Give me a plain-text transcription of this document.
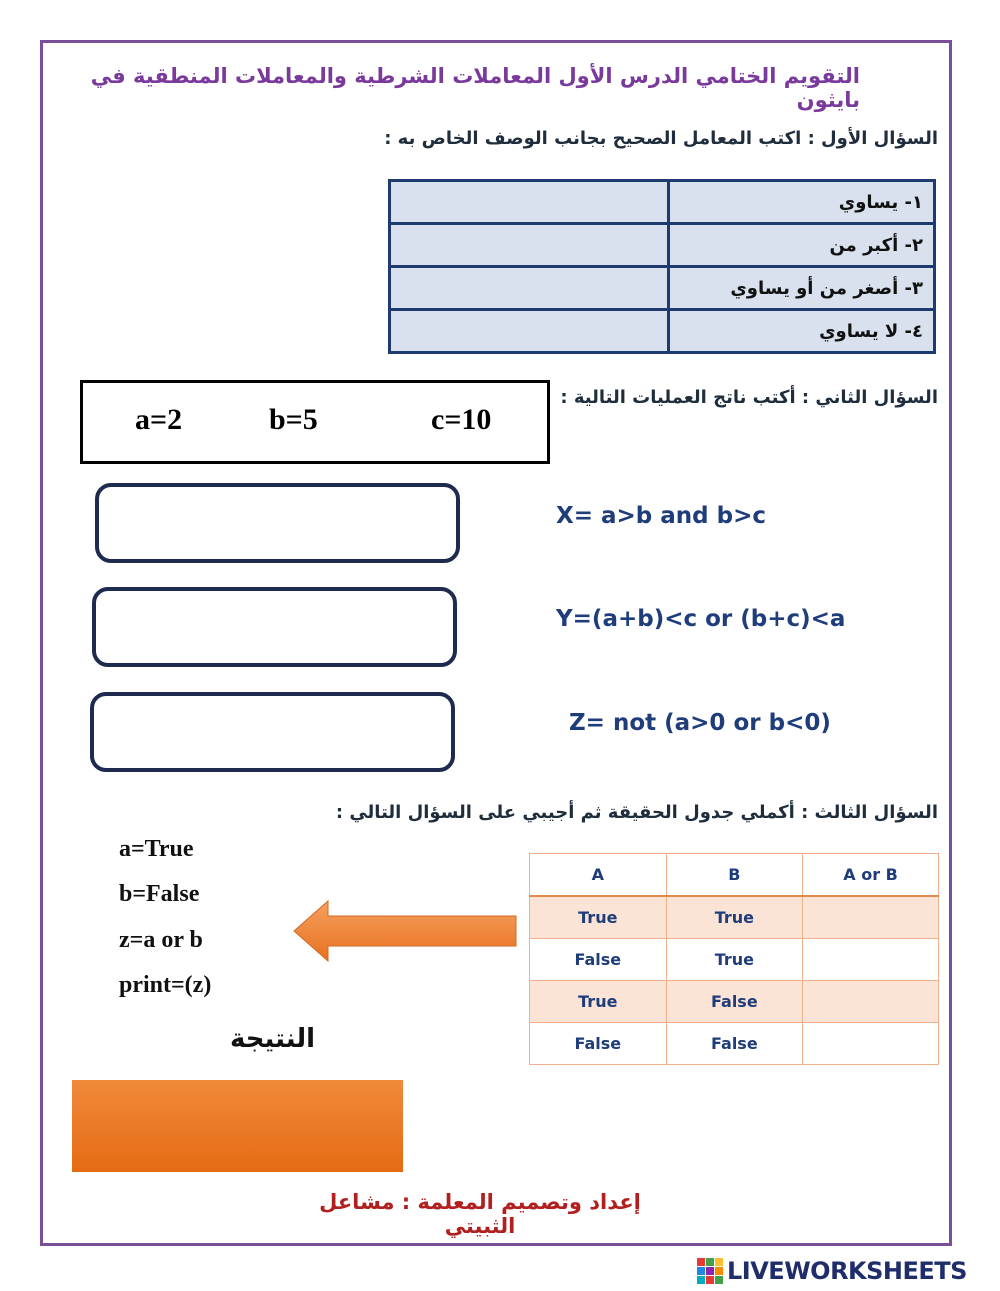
التقويم الختامي الدرس الأول المعاملات الشرطية والمعاملات المنطقية في بايثون
السؤال الأول : اكتب المعامل الصحيح بجانب الوصف الخاص به :
١- يساوي	
٢- أكبر من	
٣- أصغر من أو يساوي	
٤- لا يساوي	
السؤال الثاني : أكتب ناتج العمليات التالية :
a=2	b=5	c=10
X= a>b and b>c
Y=(a+b)<c or (b+c)<a
Z= not (a>0 or b<0)
السؤال الثالث : أكملي جدول الحقيقة ثم أجيبي على السؤال التالي :
a=True
b=False
z=a or b
print=(z)
A	B	A or B
True	True	
False	True	
True	False	
False	False	
النتيجة
إعداد وتصميم المعلمة : مشاعل الثبيتي
LIVEWORKSHEETS
